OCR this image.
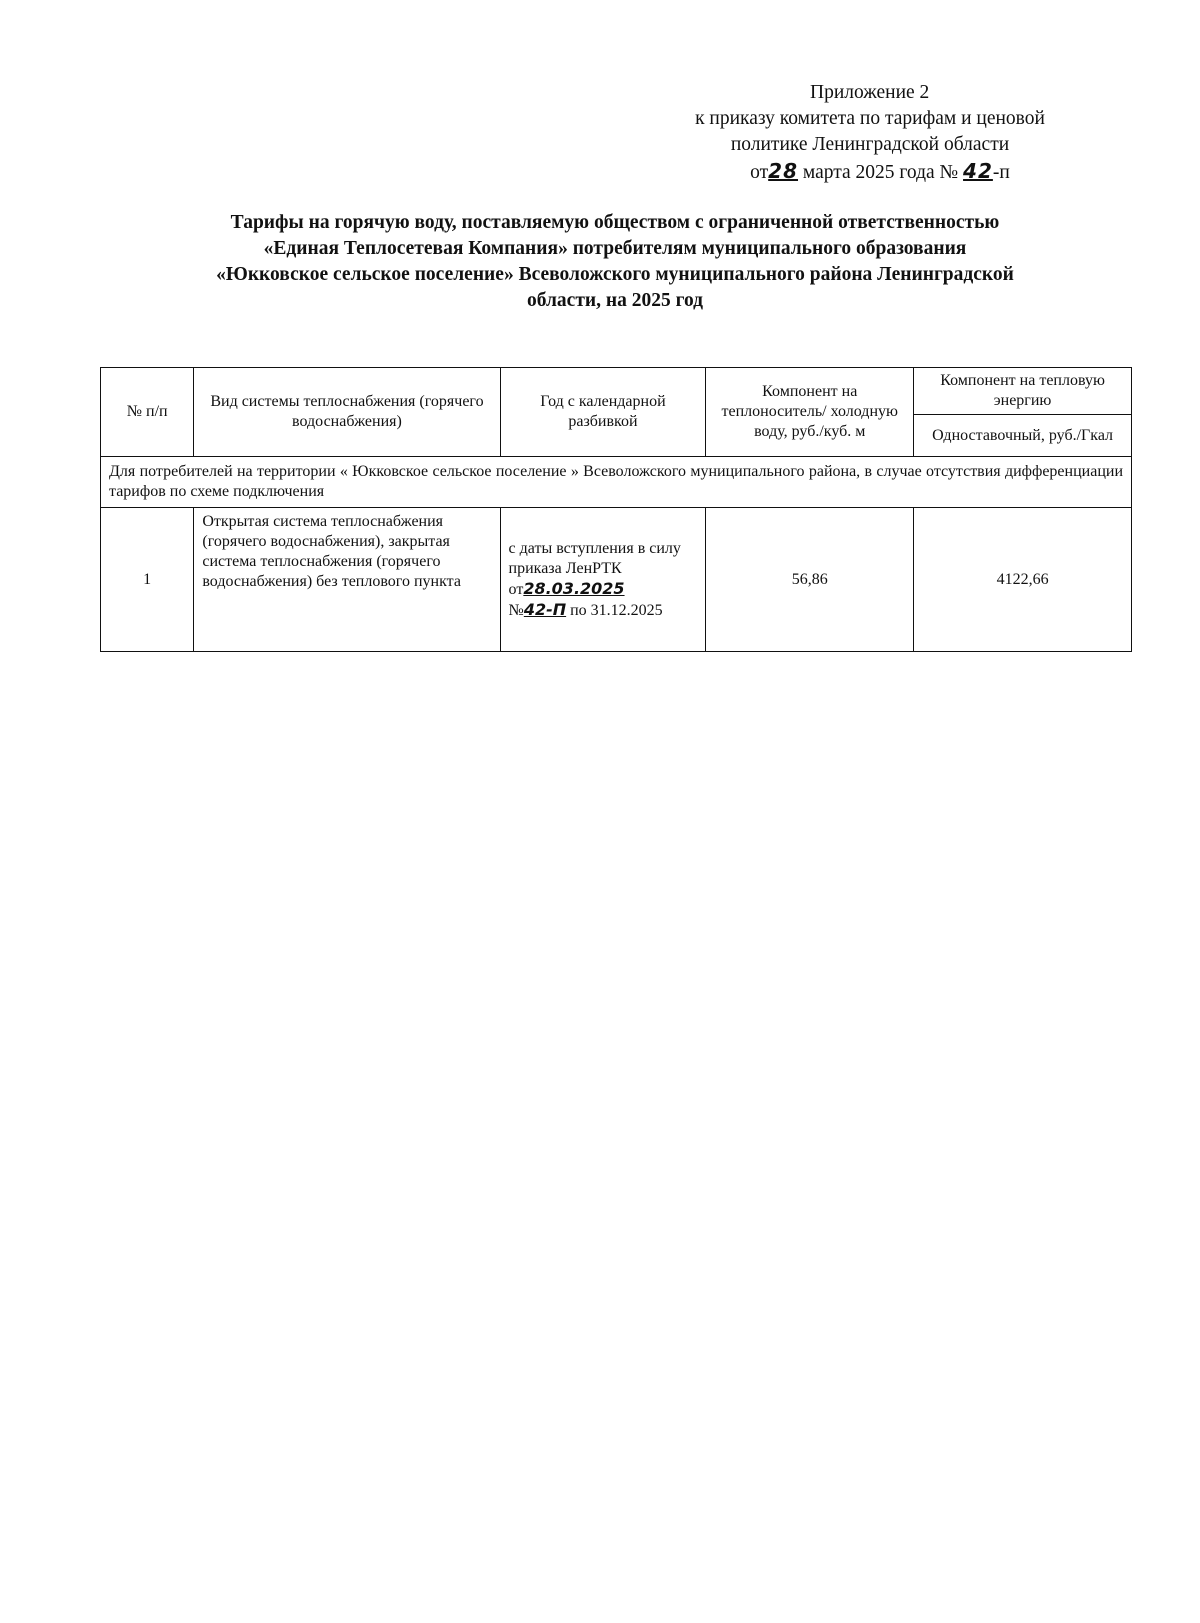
Приложение 2
к приказу комитета по тарифам и ценовой
политике Ленинградской области
от28 марта 2025 года № 42-п
Тарифы на горячую воду, поставляемую обществом с ограниченной ответственностью
«Единая Теплосетевая Компания» потребителям муниципального образования
«Юкковское сельское поселение» Всеволожского муниципального района Ленинградской
области, на 2025 год
№ п/п	Вид системы теплоснабжения (горячего водоснабжения)	Год с календарной разбивкой	Компонент на теплоноситель/ холодную воду, руб./куб. м	Компонент на тепловую энергию
				Одноставочный, руб./Гкал
Для потребителей на территории « Юкковское сельское поселение » Всеволожского муниципального района, в случае отсутствия дифференциации тарифов по схеме подключения				
1	Открытая система теплоснабжения (горячего водоснабжения), закрытая система теплоснабжения (горячего водоснабжения) без теплового пункта	с даты вступления в силу приказа ЛенРТК от28.03.2025
№42-П по 31.12.2025	56,86	4122,66
